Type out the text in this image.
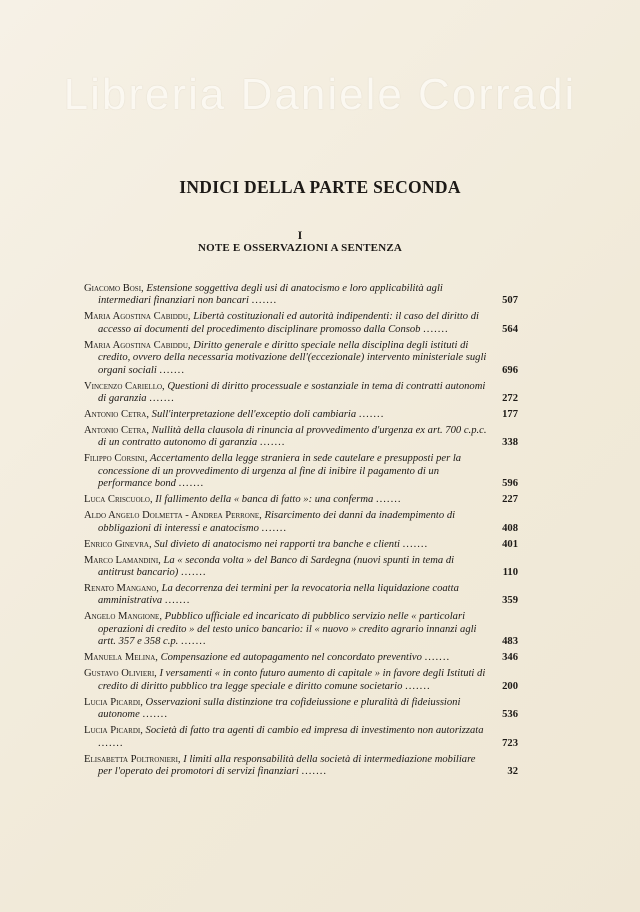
Libreria Daniele Corradi
INDICI DELLA PARTE SECONDA
I
NOTE E OSSERVAZIONI A SENTENZA
Giacomo Bosi, Estensione soggettiva degli usi di anatocismo e loro applicabilità agli intermediari finanziari non bancari .......	507
Maria Agostina Cabiddu, Libertà costituzionali ed autorità indipendenti: il caso del diritto di accesso ai documenti del procedimento disciplinare promosso dalla Consob .......	564
Maria Agostina Cabiddu, Diritto generale e diritto speciale nella disciplina degli istituti di credito, ovvero della necessaria motivazione dell'(eccezionale) intervento ministeriale sugli organi sociali .......	696
Vincenzo Cariello, Questioni di diritto processuale e sostanziale in tema di contratti autonomi di garanzia .......	272
Antonio Cetra, Sull'interpretazione dell'exceptio doli cambiaria .......	177
Antonio Cetra, Nullità della clausola di rinuncia al provvedimento d'urgenza ex art. 700 c.p.c. di un contratto autonomo di garanzia .......	338
Filippo Corsini, Accertamento della legge straniera in sede cautelare e presupposti per la concessione di un provvedimento di urgenza al fine di inibire il pagamento di un performance bond .......	596
Luca Criscuolo, Il fallimento della « banca di fatto »: una conferma .......	227
Aldo Angelo Dolmetta - Andrea Perrone, Risarcimento dei danni da inadempimento di obbligazioni di interessi e anatocismo .......	408
Enrico Ginevra, Sul divieto di anatocismo nei rapporti tra banche e clienti .......	401
Marco Lamandini, La « seconda volta » del Banco di Sardegna (nuovi spunti in tema di antitrust bancario) .......	110
Renato Mangano, La decorrenza dei termini per la revocatoria nella liquidazione coatta amministrativa .......	359
Angelo Mangione, Pubblico ufficiale ed incaricato di pubblico servizio nelle « particolari operazioni di credito » del testo unico bancario: il « nuovo » credito agrario innanzi agli artt. 357 e 358 c.p. .......	483
Manuela Melina, Compensazione ed autopagamento nel concordato preventivo .......	346
Gustavo Olivieri, I versamenti « in conto futuro aumento di capitale » in favore degli Istituti di credito di diritto pubblico tra legge speciale e diritto comune societario .......	200
Lucia Picardi, Osservazioni sulla distinzione tra cofideiussione e pluralità di fideiussioni autonome .......	536
Lucia Picardi, Società di fatto tra agenti di cambio ed impresa di investimento non autorizzata .......	723
Elisabetta Poltronieri, I limiti alla responsabilità della società di intermediazione mobiliare per l'operato dei promotori di servizi finanziari .......	32
